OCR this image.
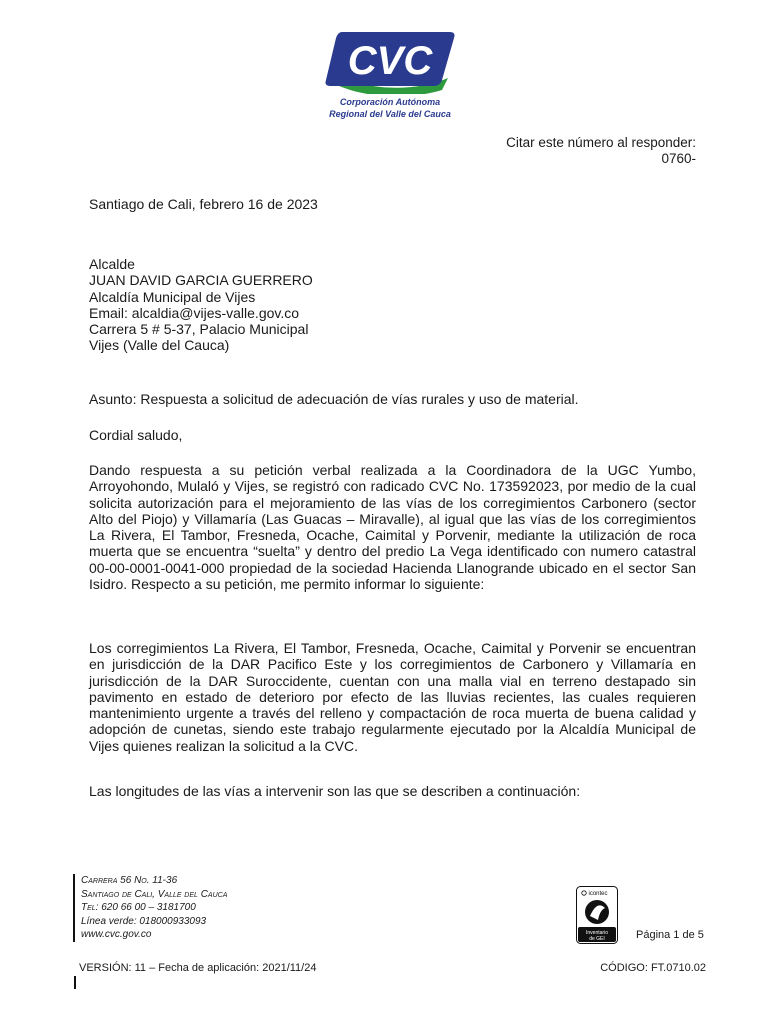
CVC
Corporación Autónoma
Regional del Valle del Cauca
Citar este número al responder:
0760-
Santiago de Cali, febrero 16 de 2023
Alcalde
JUAN DAVID GARCIA GUERRERO
Alcaldía Municipal de Vijes
Email: alcaldia@vijes-valle.gov.co
Carrera 5 # 5-37, Palacio Municipal
Vijes (Valle del Cauca)
Asunto: Respuesta a solicitud de adecuación de vías rurales y uso de material.
Cordial saludo,
Dando respuesta a su petición verbal realizada a la Coordinadora de la UGC Yumbo, Arroyohondo, Mulaló y Vijes, se registró con radicado CVC No. 173592023, por medio de la cual solicita autorización para el mejoramiento de las vías de los corregimientos Carbonero (sector Alto del Piojo) y Villamaría (Las Guacas – Miravalle), al igual que las vías de los corregimientos La Rivera, El Tambor, Fresneda, Ocache, Caimital y Porvenir, mediante la utilización de roca muerta que se encuentra “suelta” y dentro del predio La Vega identificado con numero catastral 00-00-0001-0041-000 propiedad de la sociedad Hacienda Llanogrande ubicado en el sector San Isidro. Respecto a su petición, me permito informar lo siguiente:
Los corregimientos La Rivera, El Tambor, Fresneda, Ocache, Caimital y Porvenir se encuentran en jurisdicción de la DAR Pacifico Este y los corregimientos de Carbonero y Villamaría en jurisdicción de la DAR Suroccidente, cuentan con una malla vial en terreno destapado sin pavimento en estado de deterioro por efecto de las lluvias recientes, las cuales requieren mantenimiento urgente a través del relleno y compactación de roca muerta de buena calidad y adopción de cunetas, siendo este trabajo regularmente ejecutado por la Alcaldía Municipal de Vijes quienes realizan la solicitud a la CVC.
Las longitudes de las vías a intervenir son las que se describen a continuación:
Carrera 56 No. 11-36
Santiago de Cali, Valle del Cauca
Tel: 620 66 00 – 3181700
Línea verde: 018000933093
www.cvc.gov.co
icontec
Inventario
de GEI	Página 1 de 5
VERSIÓN: 11 – Fecha de aplicación: 2021/11/24	CÓDIGO: FT.0710.02
